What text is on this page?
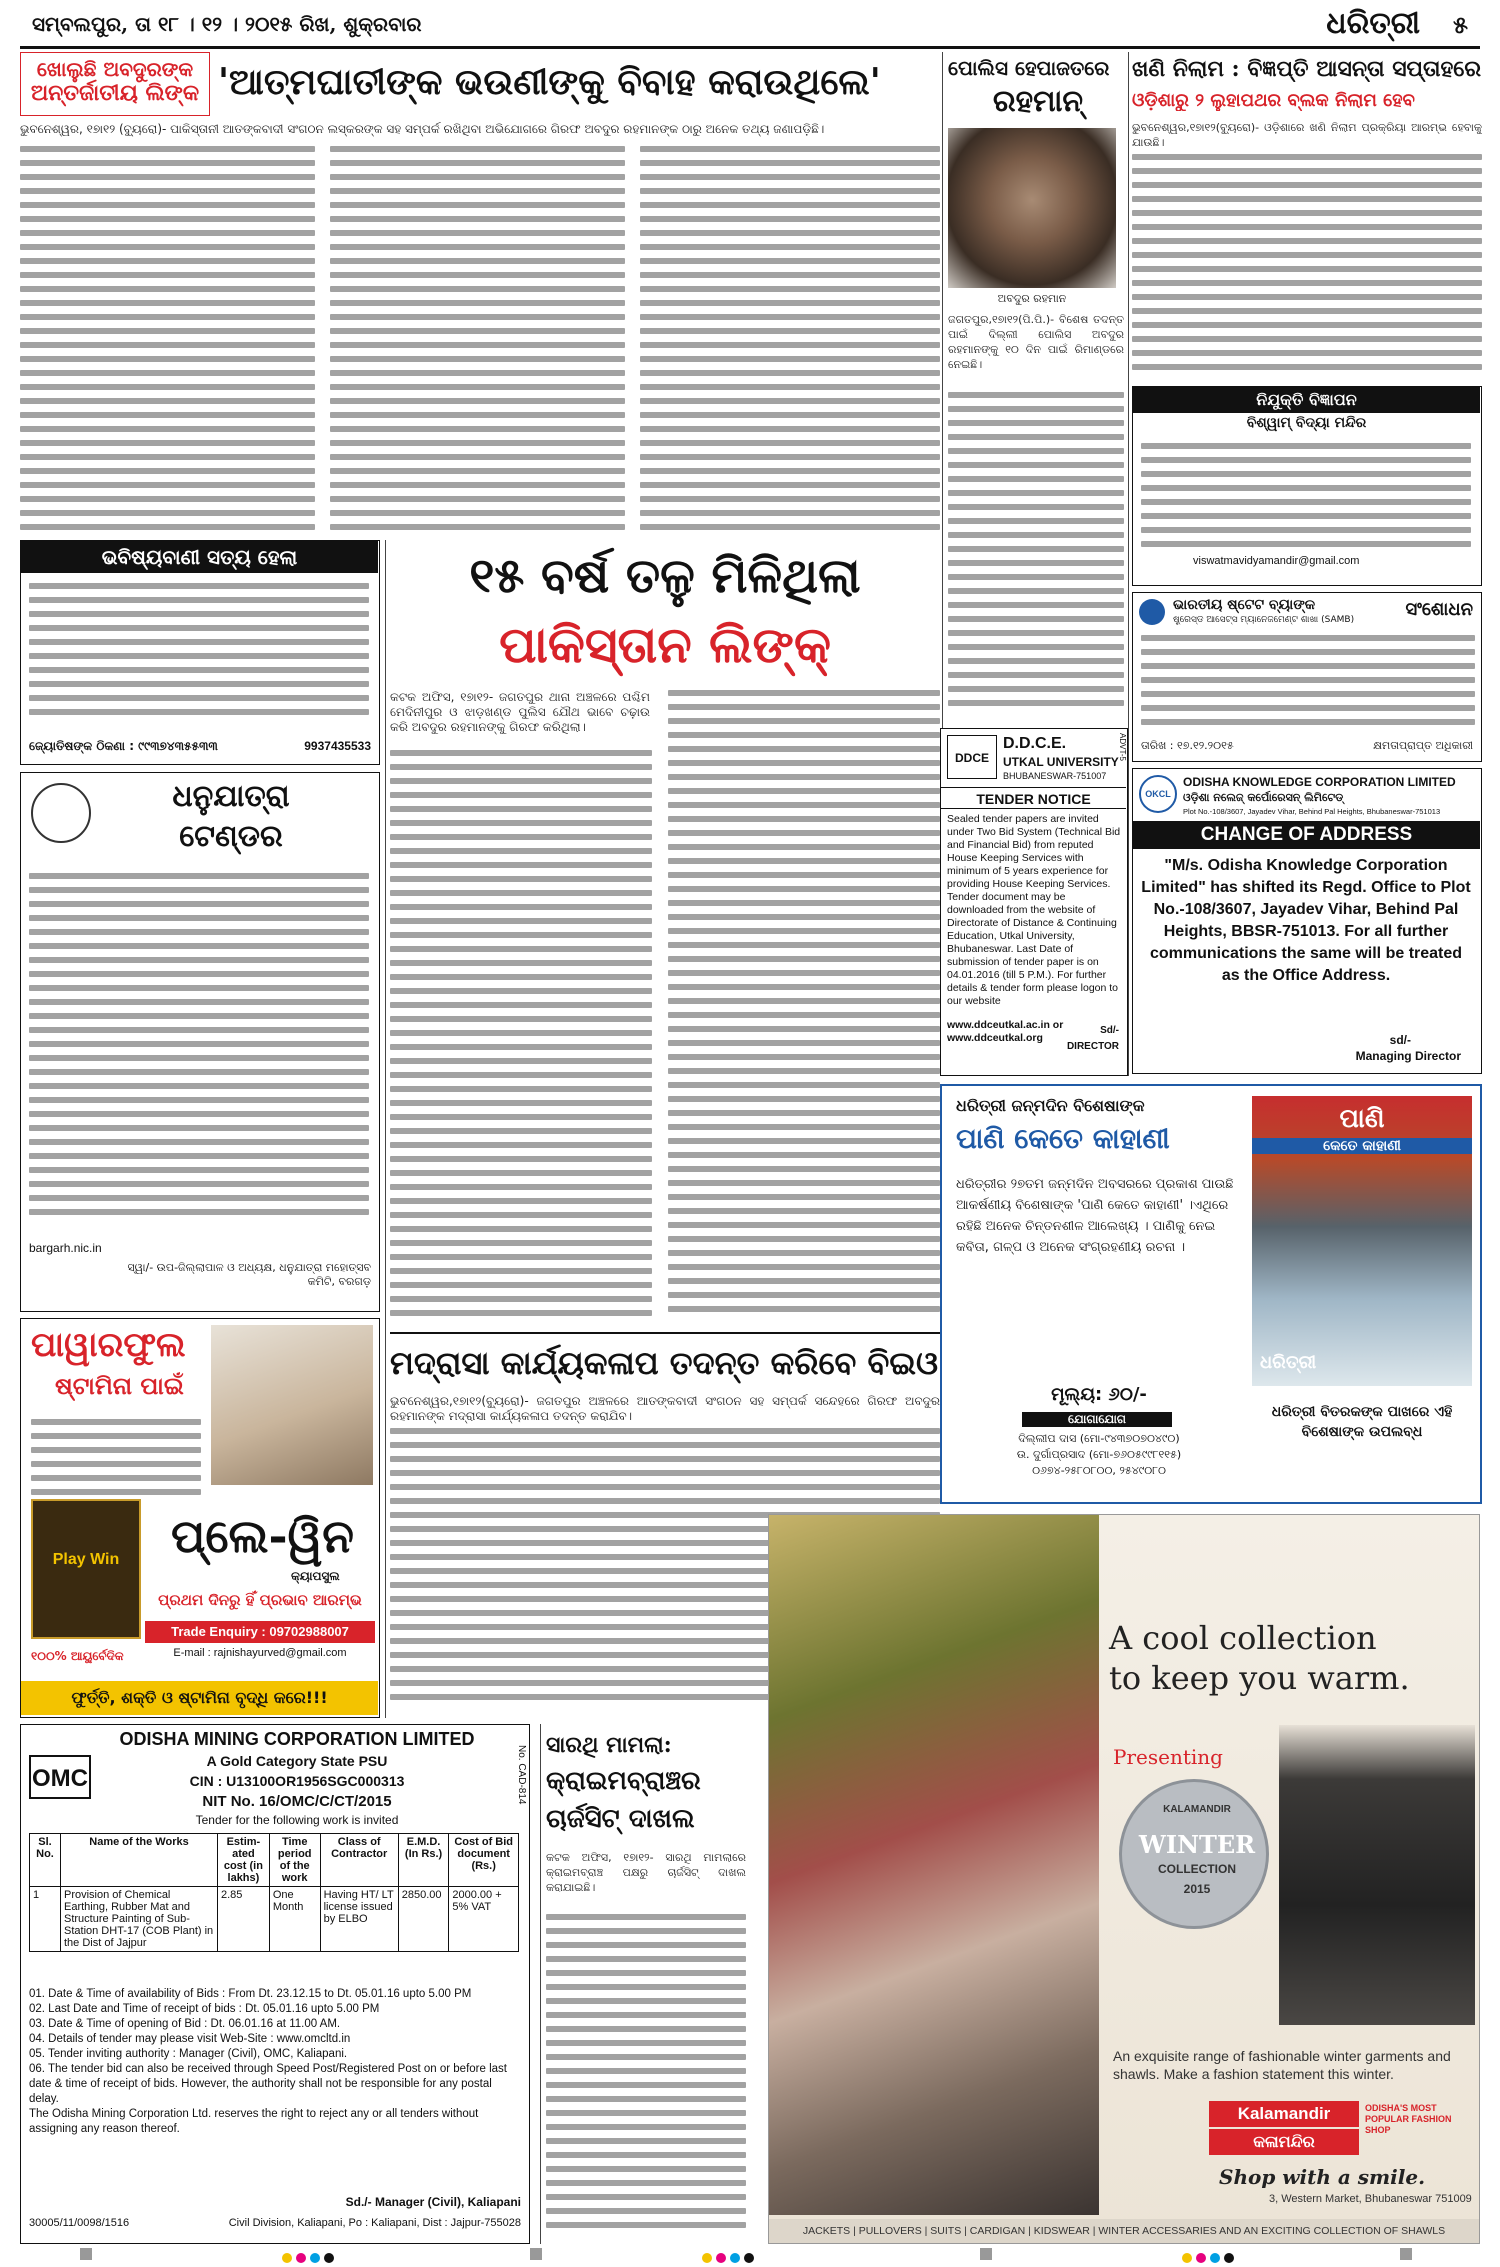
ସମ୍ବଲପୁର, ତା ୧୮ । ୧୨ । ୨୦୧୫ ରିଖ, ଶୁକ୍ରବାର	ଧରିତ୍ରୀ ୫
ଖୋଲୁଛି ଅବଦୁରଙ୍କ
ଅନ୍ତର୍ଜାତୀୟ ଲିଙ୍କ 'ଆତ୍ମଘାତୀଙ୍କ ଭଉଣୀଙ୍କୁ ବିବାହ କରାଉଥିଲେ'
ଭୁବନେଶ୍ୱର, ୧୭ା୧୨ (ବ୍ୟୁରୋ)- ପାକିସ୍ତାନୀ ଆତଙ୍କବାଦୀ ସଂଗଠନ ଲସ୍କରଙ୍କ ସହ ସମ୍ପର୍କ ରଖିଥିବା ଅଭିଯୋଗରେ ଗିରଫ ଅବଦୁର ରହମାନଙ୍କ ଠାରୁ ଅନେକ ତଥ୍ୟ ଜଣାପଡ଼ିଛି।
ଭବିଷ୍ୟବାଣୀ ସତ୍ୟ ହେଲା
ଜ୍ୟୋତିଷଙ୍କ ଠିକଣା : ୯୯୩୭୪୩୫୫୩୩	9937435533
୧୫ ବର୍ଷ ତଳୁ ମିଳିଥିଲା
ପାକିସ୍ତାନ ଲିଙ୍କ୍
କଟକ ଅଫିସ, ୧୭ା୧୨- ଜଗତପୁର ଥାନା ଅଞ୍ଚଳରେ ପଶ୍ଚିମ ମେଦିନୀପୁର ଓ ଝାଡ଼ଖଣ୍ଡ ପୁଲିସ ଯୌଥ ଭାବେ ଚଢ଼ାଉ କରି ଅବଦୁର ରହମାନଙ୍କୁ ଗିରଫ କରିଥିଲା।
ଧନୁଯାତ୍ରା
ଟେଣ୍ଡର
bargarh.nic.in
ସ୍ୱା/- ଉପ-ଜିଲ୍ଲାପାଳ ଓ ଅଧ୍ୟକ୍ଷ, ଧନୁଯାତ୍ରା ମହୋତ୍ସବ କମିଟି, ବରଗଡ଼
ପାୱାରଫୁଲ
ଷ୍ଟାମିନା ପାଇଁ
Play Win	ପ୍ଲେ-ୱିନ
କ୍ୟାପସୁଲ
ପ୍ରଥମ ଦିନରୁ ହିଁ ପ୍ରଭାବ ଆରମ୍ଭ
Trade Enquiry : 09702988007
E-mail : rajnishayurved@gmail.com
୧୦୦% ଆୟୁର୍ବେଦିକ
ଫୁର୍ତ୍ତି, ଶକ୍ତି ଓ ଷ୍ଟାମିନା ବୃଦ୍ଧି କରେ!!!
OMC
ODISHA MINING CORPORATION LIMITED
A Gold Category State PSU
CIN : U13100OR1956SGC000313
NIT No. 16/OMC/C/CT/2015
Tender for the following work is invited
No. CAD-814
Sl. No.	Name of the Works	Estim-ated cost (in lakhs)	Time period of the work	Class of Contractor	E.M.D. (In Rs.)	Cost of Bid document (Rs.)
1	Provision of Chemical Earthing, Rubber Mat and Structure Painting of Sub-Station DHT-17 (COB Plant) in the Dist of Jajpur	2.85	One Month	Having HT/ LT license issued by ELBO	2850.00	2000.00 + 5% VAT
01. Date & Time of availability of Bids : From Dt. 23.12.15 to Dt. 05.01.16 upto 5.00 PM
02. Last Date and Time of receipt of bids : Dt. 05.01.16 upto 5.00 PM
03. Date & Time of opening of Bid : Dt. 06.01.16 at 11.00 AM.
04. Details of tender may please visit Web-Site : www.omcltd.in
05. Tender inviting authority : Manager (Civil), OMC, Kaliapani.
06. The tender bid can also be received through Speed Post/Registered Post on or before last date & time of receipt of bids. However, the authority shall not be responsible for any postal delay.
The Odisha Mining Corporation Ltd. reserves the right to reject any or all tenders without assigning any reason thereof.
Sd./- Manager (Civil), Kaliapani
30005/11/0098/1516	Civil Division, Kaliapani, Po : Kaliapani, Dist : Jajpur-755028
ମଦ୍ରାସା କାର୍ଯ୍ୟକଳାପ ତଦନ୍ତ କରିବେ ବିଇଓ
ଭୁବନେଶ୍ୱର,୧୭ା୧୨(ବ୍ୟୁରୋ)- ଜଗତପୁର ଅଞ୍ଚଳରେ ଆତଙ୍କବାଦୀ ସଂଗଠନ ସହ ସମ୍ପର୍କ ସନ୍ଦେହରେ ଗିରଫ ଅବଦୁର ରହମାନଙ୍କ ମଦ୍ରାସା କାର୍ଯ୍ୟକଳାପ ତଦନ୍ତ କରାଯିବ।
ସାରଥି ମାମଲା:
କ୍ରାଇମବ୍ରାଞ୍ଚର
ଚାର୍ଜସିଟ୍ ଦାଖଲ
କଟକ ଅଫିସ, ୧୭ା୧୨- ସାରଥି ମାମଲାରେ କ୍ରାଇମବ୍ରାଞ୍ଚ ପକ୍ଷରୁ ଚାର୍ଜସିଟ୍ ଦାଖଲ କରାଯାଇଛି।
ପୋଲିସ ହେପାଜତରେ
ରହମାନ୍
ଅବଦୁର ରହମାନ
ଜଗତପୁର,୧୭ା୧୨(ପି.ପି.)- ବିଶେଷ ତଦନ୍ତ ପାଇଁ ଦିଲ୍ଲୀ ପୋଲିସ ଅବଦୁର ରହମାନଙ୍କୁ ୧୦ ଦିନ ପାଇଁ ରିମାଣ୍ଡରେ ନେଇଛି।
DDCE
D.D.C.E.
UTKAL UNIVERSITY
BHUBANESWAR-751007
ADVT-5
TENDER NOTICE
Sealed tender papers are invited under Two Bid System (Technical Bid and Financial Bid) from reputed House Keeping Services with minimum of 5 years experience for providing House Keeping Services. Tender document may be downloaded from the website of Directorate of Distance & Continuing Education, Utkal University, Bhubaneswar. Last Date of submission of tender paper is on 04.01.2016 (till 5 P.M.). For further details & tender form please logon to our website
www.ddceutkal.ac.in or www.ddceutkal.org
Sd/-
DIRECTOR
ଖଣି ନିଲାମ : ବିଜ୍ଞପ୍ତି ଆସନ୍ତା ସପ୍ତାହରେ
ଓଡ଼ିଶାରୁ ୨ ଲୁହାପଥର ବ୍ଲକ ନିଲାମ ହେବ
ଭୁବନେଶ୍ୱର,୧୭ା୧୨(ବ୍ୟୁରୋ)- ଓଡ଼ିଶାରେ ଖଣି ନିଲାମ ପ୍ରକ୍ରିୟା ଆରମ୍ଭ ହେବାକୁ ଯାଉଛି।
ନିଯୁକ୍ତି ବିଜ୍ଞାପନ
ବିଶ୍ୱାମ୍ ବିଦ୍ୟା ମନ୍ଦିର
viswatmavidyamandir@gmail.com
ଭାରତୀୟ ଷ୍ଟେଟ ବ୍ୟାଙ୍କ
ଷ୍ଟ୍ରେସ୍ଡ ଆସେଟ୍ସ ମ୍ୟାନେଜମେଣ୍ଟ ଶାଖା (SAMB)	ସଂଶୋଧନ
ତାରିଖ : ୧୭.୧୨.୨୦୧୫	କ୍ଷମତାପ୍ରାପ୍ତ ଅଧିକାରୀ
OKCL
ODISHA KNOWLEDGE CORPORATION LIMITED
ଓଡ଼ିଶା ନଲେଜ୍ କର୍ପୋରେସନ୍ ଲିମିଟେଡ୍
Plot No.-108/3607, Jayadev Vihar, Behind Pal Heights, Bhubaneswar-751013
CHANGE OF ADDRESS
"M/s. Odisha Knowledge Corporation Limited" has shifted its Regd. Office to Plot No.-108/3607, Jayadev Vihar, Behind Pal Heights, BBSR-751013. For all further communications the same will be treated as the Office Address.
sd/-
Managing Director
ଧରିତ୍ରୀ ଜନ୍ମଦିନ ବିଶେଷାଙ୍କ
ପାଣି କେତେ କାହାଣୀ
ଧରିତ୍ରୀର ୨୭ତମ ଜନ୍ମଦିନ ଅବସରରେ ପ୍ରକାଶ ପାଉଛି ଆକର୍ଷଣୀୟ ବିଶେଷାଙ୍କ 'ପାଣି କେତେ କାହାଣୀ' ।ଏଥିରେ ରହିଛି ଅନେକ ଚିନ୍ତନଶୀଳ ଆଲେଖ୍ୟ । ପାଣିକୁ ନେଇ କବିତା, ଗଳ୍ପ ଓ ଅନେକ ସଂଗ୍ରହଣୀୟ ରଚନା ।
ମୂଲ୍ୟ: ୬୦/-
ଯୋଗାଯୋଗ
ଦିଲ୍ଲୀପ ଦାସ (ମୋ-୯୪୩୭୦୭୦୪୯୦)
ଉ. ଦୁର୍ଗାପ୍ରସାଦ (ମୋ-୭୬୦୫୯୯୮୧୧୫)
୦୬୭୪-୨୫୮୦୮୦୦, ୨୫୪୯୦୮୦
ପାଣି
କେତେ କାହାଣୀ
ଧରିତ୍ରୀ
ଧରିତ୍ରୀ ବିତରକଙ୍କ ପାଖରେ ଏହି ବିଶେଷାଙ୍କ ଉପଲବ୍ଧ
A cool collection
to keep you warm.
Presenting
KALAMANDIR
WINTER
COLLECTION
2015
An exquisite range of fashionable winter garments and shawls. Make a fashion statement this winter.
Kalamandir
କଳାମନ୍ଦିର
ODISHA'S MOST POPULAR FASHION SHOP
Shop with a smile.
3, Western Market, Bhubaneswar 751009
JACKETS | PULLOVERS | SUITS | CARDIGAN | KIDSWEAR | WINTER ACCESSARIES AND AN EXCITING COLLECTION OF SHAWLS
